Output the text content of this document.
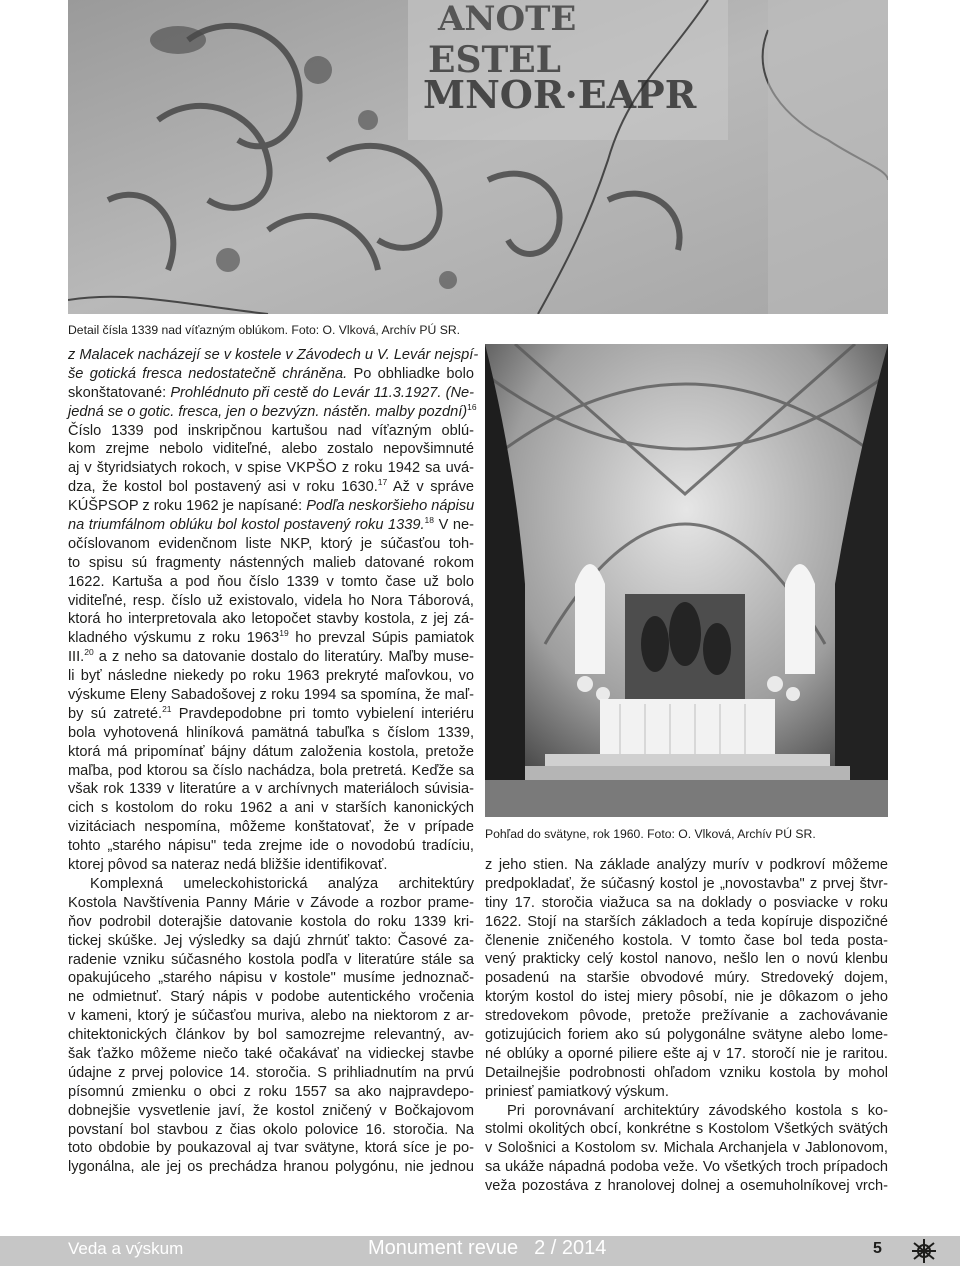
ANOTE
ESTEL
MNOR·EAPR
Detail čísla 1339 nad víťazným oblúkom. Foto: O. Vlková, Archív PÚ SR.
Pohľad do svätyne, rok 1960. Foto: O. Vlková, Archív PÚ SR.
z Malacek nacházejí se v kostele v Závodech u V. Levár nejspí-
še gotická fresca nedostatečně chráněna. Po obhliadke bolo
skonštatované: Prohlédnuto při cestě do Levár 11.3.1927. (Ne-
jedná se o gotic. fresca, jen o bezvýzn. nástěn. malby pozdní)$^{16}$
Číslo 1339 pod inskripčnou kartušou nad víťazným oblú-
kom zrejme nebolo viditeľné, alebo zostalo nepovšimnuté
aj v štyridsiatych rokoch, v spise VKPŠO z roku 1942 sa uvá-
dza, že kostol bol postavený asi v roku 1630.17 Až v správe
KÚŠPSOP z roku 1962 je napísané: Podľa neskoršieho nápisu
na triumfálnom oblúku bol kostol postavený roku 1339.18 V ne-
očíslovanom evidenčnom liste NKP, ktorý je súčasťou toh-
to spisu sú fragmenty nástenných malieb datované rokom
1622. Kartuša a pod ňou číslo 1339 v tomto čase už bolo
viditeľné, resp. číslo už existovalo, videla ho Nora Táborová,
ktorá ho interpretovala ako letopočet stavby kostola, z jej zá-
kladného výskumu z roku 1963$^{19}$ ho prevzal Súpis pamiatok
III.$^{20}$ a z neho sa datovanie dostalo do literatúry. Maľby muse-
li byť následne niekedy po roku 1963 prekryté maľovkou, vo
výskume Eleny Sabadošovej z roku 1994 sa spomína, že maľ-
by sú zatreté.$^{21}$ Pravdepodobne pri tomto vybielení interiéru
bola vyhotovená hliníková pamätná tabuľka s číslom 1339,
ktorá má pripomínať bájny dátum založenia kostola, pretože
maľba, pod ktorou sa číslo nachádza, bola pretretá. Keďže sa
však rok 1339 v literatúre a v archívnych materiáloch súvisia-
cich s kostolom do roku 1962 a ani v starších kanonických
vizitáciach nespomína, môžeme konštatovať, že v prípade
tohto „starého nápisu" teda zrejme ide o novodobú tradíciu,
ktorej pôvod sa nateraz nedá bližšie identifikovať.
Komplexná umeleckohistorická analýza architektúry
Kostola Navštívenia Panny Márie v Závode a rozbor prame-
ňov podrobil doterajšie datovanie kostola do roku 1339 kri-
tickej skúške. Jej výsledky sa dajú zhrnúť takto: Časové za-
radenie vzniku súčasného kostola podľa v literatúre stále sa
opakujúceho „starého nápisu v kostole" musíme jednoznač-
ne odmietnuť. Starý nápis v podobe autentického vročenia
v kameni, ktorý je súčasťou muriva, alebo na niektorom z ar-
chitektonických článkov by bol samozrejme relevantný, av-
šak ťažko môžeme niečo také očakávať na vidieckej stavbe
údajne z prvej polovice 14. storočia. S prihliadnutím na prvú
písomnú zmienku o obci z roku 1557 sa ako najpravdepo-
dobnejšie vysvetlenie javí, že kostol zničený v Bočkajovom
povstaní bol stavbou z čias okolo polovice 16. storočia. Na
toto obdobie by poukazoval aj tvar svätyne, ktorá síce je po-
lygonálna, ale jej os prechádza hranou polygónu, nie jednou
z jeho stien. Na základe analýzy murív v podkroví môžeme
predpokladať, že súčasný kostol je „novostavba" z prvej štvr-
tiny 17. storočia viažuca sa na doklady o posviacke v roku
1622. Stojí na starších základoch a teda kopíruje dispozičné
členenie zničeného kostola. V tomto čase bol teda posta-
vený prakticky celý kostol nanovo, nešlo len o novú klenbu
posadenú na staršie obvodové múry. Stredoveký dojem,
ktorým kostol do istej miery pôsobí, nie je dôkazom o jeho
stredovekom pôvode, pretože prežívanie a zachovávanie
gotizujúcich foriem ako sú polygonálne svätyne alebo lome-
né oblúky a oporné piliere ešte aj v 17. storočí nie je raritou.
Detailnejšie podrobnosti ohľadom vzniku kostola by mohol
priniesť pamiatkový výskum.
Pri porovnávaní architektúry závodského kostola s ko-
stolmi okolitých obcí, konkrétne s Kostolom Všetkých svätých
v Sološnici a Kostolom sv. Michala Archanjela v Jablonovom,
sa ukáže nápadná podoba veže. Vo všetkých troch prípadoch
veža pozostáva z hranolovej dolnej a osemuholníkovej vrch-
Veda a výskum	Monument revue 2 / 2014	5
